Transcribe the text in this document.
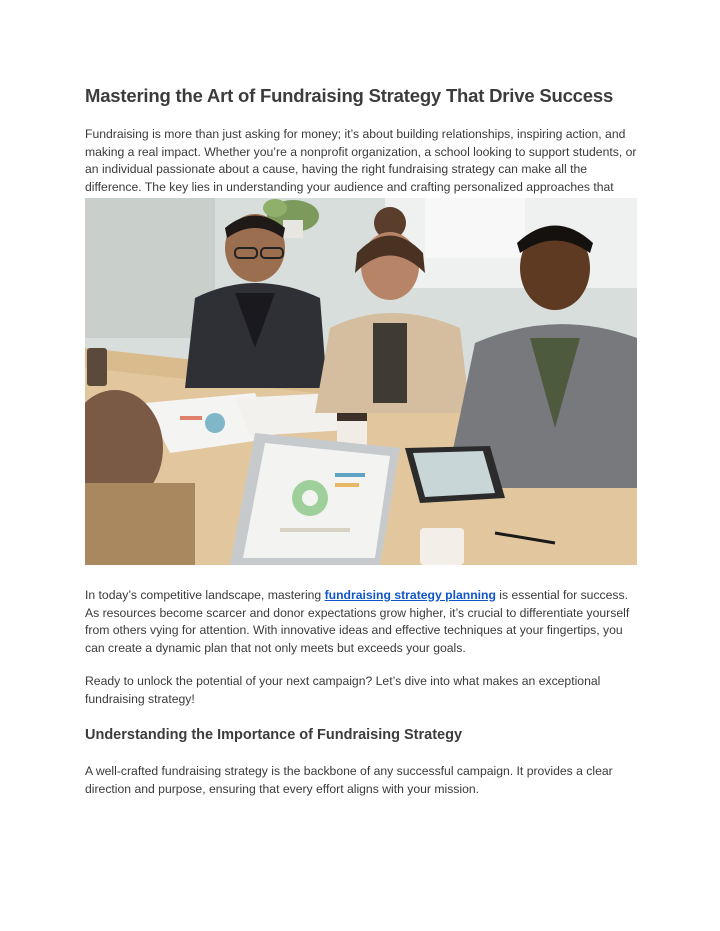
Mastering the Art of Fundraising Strategy That Drive Success

Fundraising is more than just asking for money; it’s about building relationships, inspiring action, and making a real impact. Whether you’re a nonprofit organization, a school looking to support students, or an individual passionate about a cause, having the right fundraising strategy can make all the difference. The key lies in understanding your audience and crafting personalized approaches that

In today’s competitive landscape, mastering fundraising strategy planning is essential for success. As resources become scarcer and donor expectations grow higher, it’s crucial to differentiate yourself from others vying for attention. With innovative ideas and effective techniques at your fingertips, you can create a dynamic plan that not only meets but exceeds your goals.

Ready to unlock the potential of your next campaign? Let’s dive into what makes an exceptional fundraising strategy!

Understanding the Importance of Fundraising Strategy

A well-crafted fundraising strategy is the backbone of any successful campaign. It provides a clear direction and purpose, ensuring that every effort aligns with your mission.
